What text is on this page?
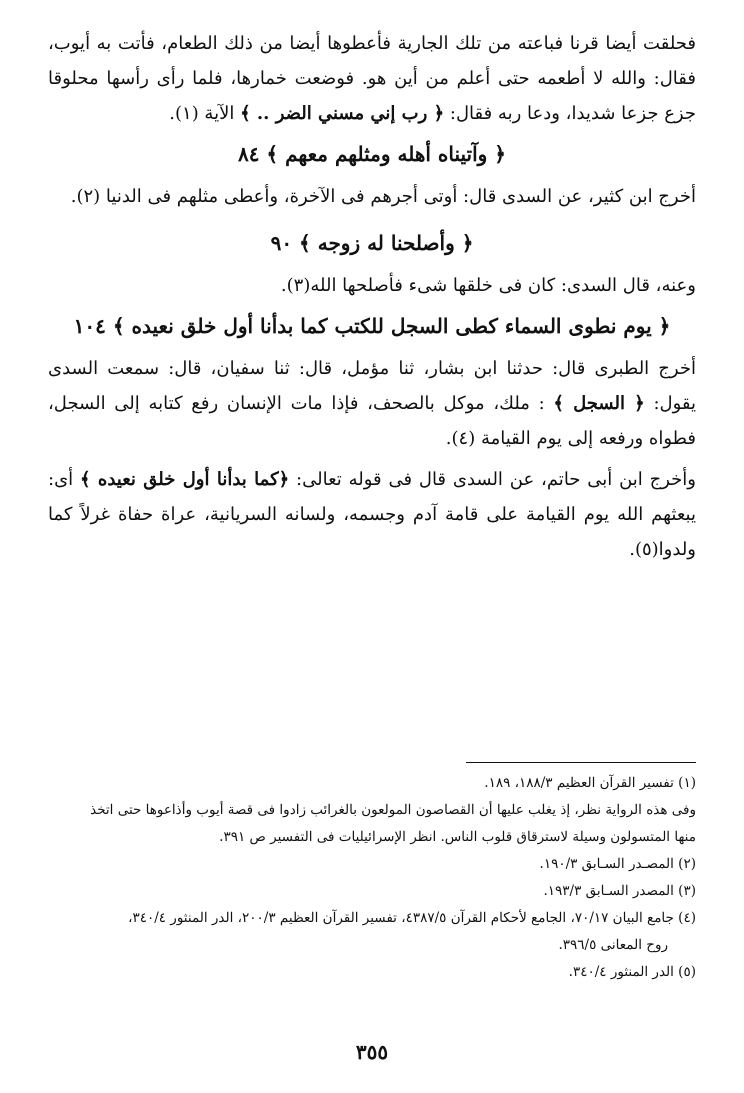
فحلقت أيضا قرنا فباعته من تلك الجارية فأعطوها أيضا من ذلك الطعام، فأتت به أيوب، فقال: والله لا أطعمه حتى أعلم من أين هو. فوضعت خمارها، فلما رأى رأسها محلوقا جزع جزعا شديدا، ودعا ربه فقال: ﴿ رب إني مسني الضر .. ﴾ الآية (١).

﴿ وآتيناه أهله ومثلهم معهم ﴾ ٨٤

أخرج ابن كثير، عن السدى قال: أوتى أجرهم فى الآخرة، وأعطى مثلهم فى الدنيا (٢).

﴿ وأصلحنا له زوجه ﴾ ٩٠

وعنه، قال السدى: كان فى خلقها شىء فأصلحها الله(٣).

﴿ يوم نطوى السماء كطى السجل للكتب كما بدأنا أول خلق نعيده ﴾ ١٠٤

أخرج الطبرى قال: حدثنا ابن بشار، ثنا مؤمل، قال: ثنا سفيان، قال: سمعت السدى يقول: ﴿ السجل ﴾ : ملك، موكل بالصحف، فإذا مات الإنسان رفع كتابه إلى السجل، فطواه ورفعه إلى يوم القيامة (٤).

وأخرج ابن أبى حاتم، عن السدى قال فى قوله تعالى: ﴿كما بدأنا أول خلق نعيده ﴾ أى: يبعثهم الله يوم القيامة على قامة آدم وجسمه، ولسانه السريانية، عراة حفاة غرلاً كما ولدوا(٥).

(١) تفسير القرآن العظيم ١٨٨/٣، ١٨٩.

وفى هذه الرواية نظر، إذ يغلب عليها أن القصاصون المولعون بالغرائب زادوا فى قصة أيوب وأذاعوها حتى اتخذ

منها المتسولون وسيلة لاسترقاق قلوب الناس. انظر الإسرائيليات فى التفسير ص ٣٩١.

(٢) المصـدر السـابق ١٩٠/٣.

(٣) المصدر السـابق ١٩٣/٣.

(٤) جامع البيان ٧٠/١٧، الجامع لأحكام القرآن ٤٣٨٧/٥، تفسير القرآن العظيم ٢٠٠/٣، الدر المنثور ٣٤٠/٤،

روح المعانى ٣٩٦/٥.

(٥) الدر المنثور ٣٤٠/٤.

٣٥٥
